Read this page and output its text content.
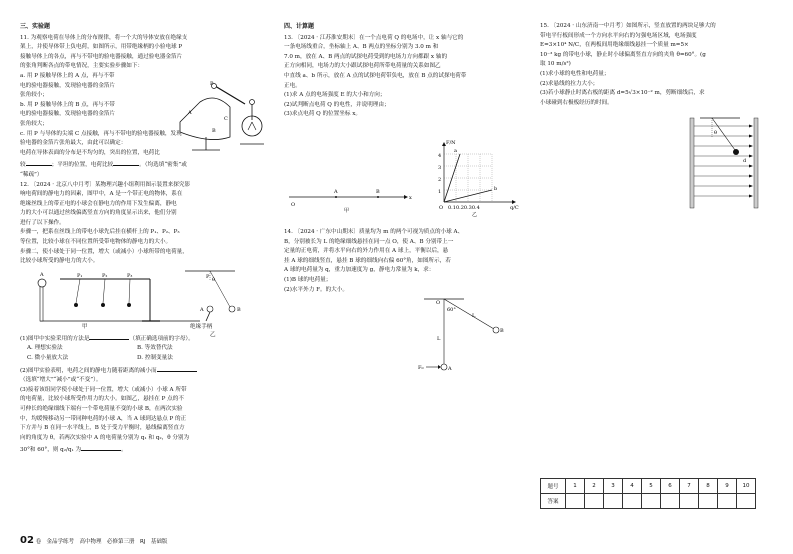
三、实验题
11. 为观察电荷在导体上的分布规律，将一个大的导体安放在绝缘支
架上，并使导体带上负电荷，如图所示，用带绝缘柄的小验电球 P
接触导体上的各点，再与不带电的验电器接触，通过验电器金箔片
的张角判断各点的带电情况，主要实验步骤如下：
a. 用 P 接触导体上的 A 点，再与不带
电的验电器接触，发现验电器的金箔片
张角较小；
b. 用 P 接触导体上的 B 点，再与不带
电的验电器接触，发现验电器的金箔片
张角较大；
c. 用 P 与导体的尖端 C 点接触，再与不带电的验电器接触，发现
验电器的金箔片张角最大，由此可以确定：
电荷在导体表面的分布是不均匀的，突出的位置，电荷比
P
A
C
B
较	；平坦的位置，电荷比较	。（均选填“密集”或
“稀疏”）
12. 〔2024 · 北京八中月考〕某物理兴趣小组利用图示装置来探究影
响电荷间的静电力的因素，图甲中，A 是一个带正电的物体，系在
绝缘丝线上的带正电的小球会在静电力的作用下发生偏离，静电
力的大小可以通过丝线偏离竖直方向的角度显示出来，他们分别
进行了以下操作。
步骤一，把系在丝线上的带电小球先后挂在横杆上的 P₁、P₂、P₃
等位置，比较小球在不同位置所受带电物体的静电力的大小。
步骤二，使小球处于同一位置，增大（或减小）小球所带的电荷量，
比较小球所受的静电力的大小。
A	P₁	P₂	P₃
θ
P
B
A
甲	绝缘手柄
乙
(1)图甲中实验采用的方法是	（填正确选项前的字母）。
A. 理想实验法	B. 等效替代法
C. 微小量放大法	D. 控制变量法
(2)图甲实验表明，电荷之间的静电力随着距离的减小而
（选填“增大”“减小”或“不变”）。
(3)接着该组同学使小球处于同一位置，增大（或减小）小球 A 所带
的电荷量，比较小球所受作用力的大小。如图乙，悬挂在 P 点的不
可伸长的绝缘细线下端有一个带电荷量不变的小球 B，在两次实验
中，均缓慢移动另一带同种电荷的小球 A，当 A 球到达悬点 P 的正
下方并与 B 在同一水平线上，B 处于受力平衡时，悬线偏离竖直方
向的角度为 θ，若两次实验中 A 的电荷量分别为 q₁ 和 q₂，θ 分别为
30°和 60°，则 q₂/q₁ 为	。
四、计算题
13. 〔2024 · 江苏淮安期末〕在一个点电荷 Q 的电场中，让 x 轴与它的
一条电场线重合，坐标轴上 A、B 两点的坐标分别为 3.0 m 和
7.0 m，放在 A、B 两点的试探电荷受到的电场力方向都跟 x 轴的
正方向相同，电场力的大小跟试探电荷所带电荷量的关系如图乙
中直线 a、b 所示，放在 A 点的试探电荷带负电，放在 B 点的试探电荷带
正电。
(1)求 A 点的电场强度 E 的大小和方向；
(2)试判断点电荷 Q 的电性，并说明理由；
(3)求点电荷 Q 的位置坐标 x。
x
O
A	B
甲
F/N
a
b
4
3
2
1
O 0.10.20.30.4	q/C
乙
14. 〔2024 · 广东中山期末〕质量均为 m 的两个可视为质点的小球 A、
B，分别被长为 L 的绝缘细线悬挂在同一点 O，使 A、B 分别带上一
定量的正电荷，并将水平向右的外力作用在 A 球上，平衡以后，悬
挂 A 球的细线竖直，悬挂 B 球的细线向右偏 60°角，如图所示，若
A 球的电荷量为 q，重力加速度为 g，静电力常量为 k，求：
(1)B 球的电荷量；
(2)水平外力 F。的大小。
O
60°
L
L
B
A
F₀
15. 〔2024 · 山东济南一中月考〕如图所示，竖直放置的两块足够大的
带电平行板间形成一个方向水平向右的匀强电场区域，电场强度
E=3×10⁴ N/C，在两板间用绝缘细线悬挂一个质量 m=5×
10⁻³ kg 的带电小球，静止时小球偏离竖直方向的夹角 θ=60°。(g
取 10 m/s²)
(1)求小球的电性和电荷量；
(2)求悬线的拉力大小；
(3)若小球静止时离右板的距离 d=5√3×10⁻² m，剪断细线后，求
小球碰到右极板经历的时间。
θ
d
题号	1	2	3	4	5	6	7	8	9	10
答案										
02 卷 金品学练考　高中物理　必修第三册　RJ　基础版
